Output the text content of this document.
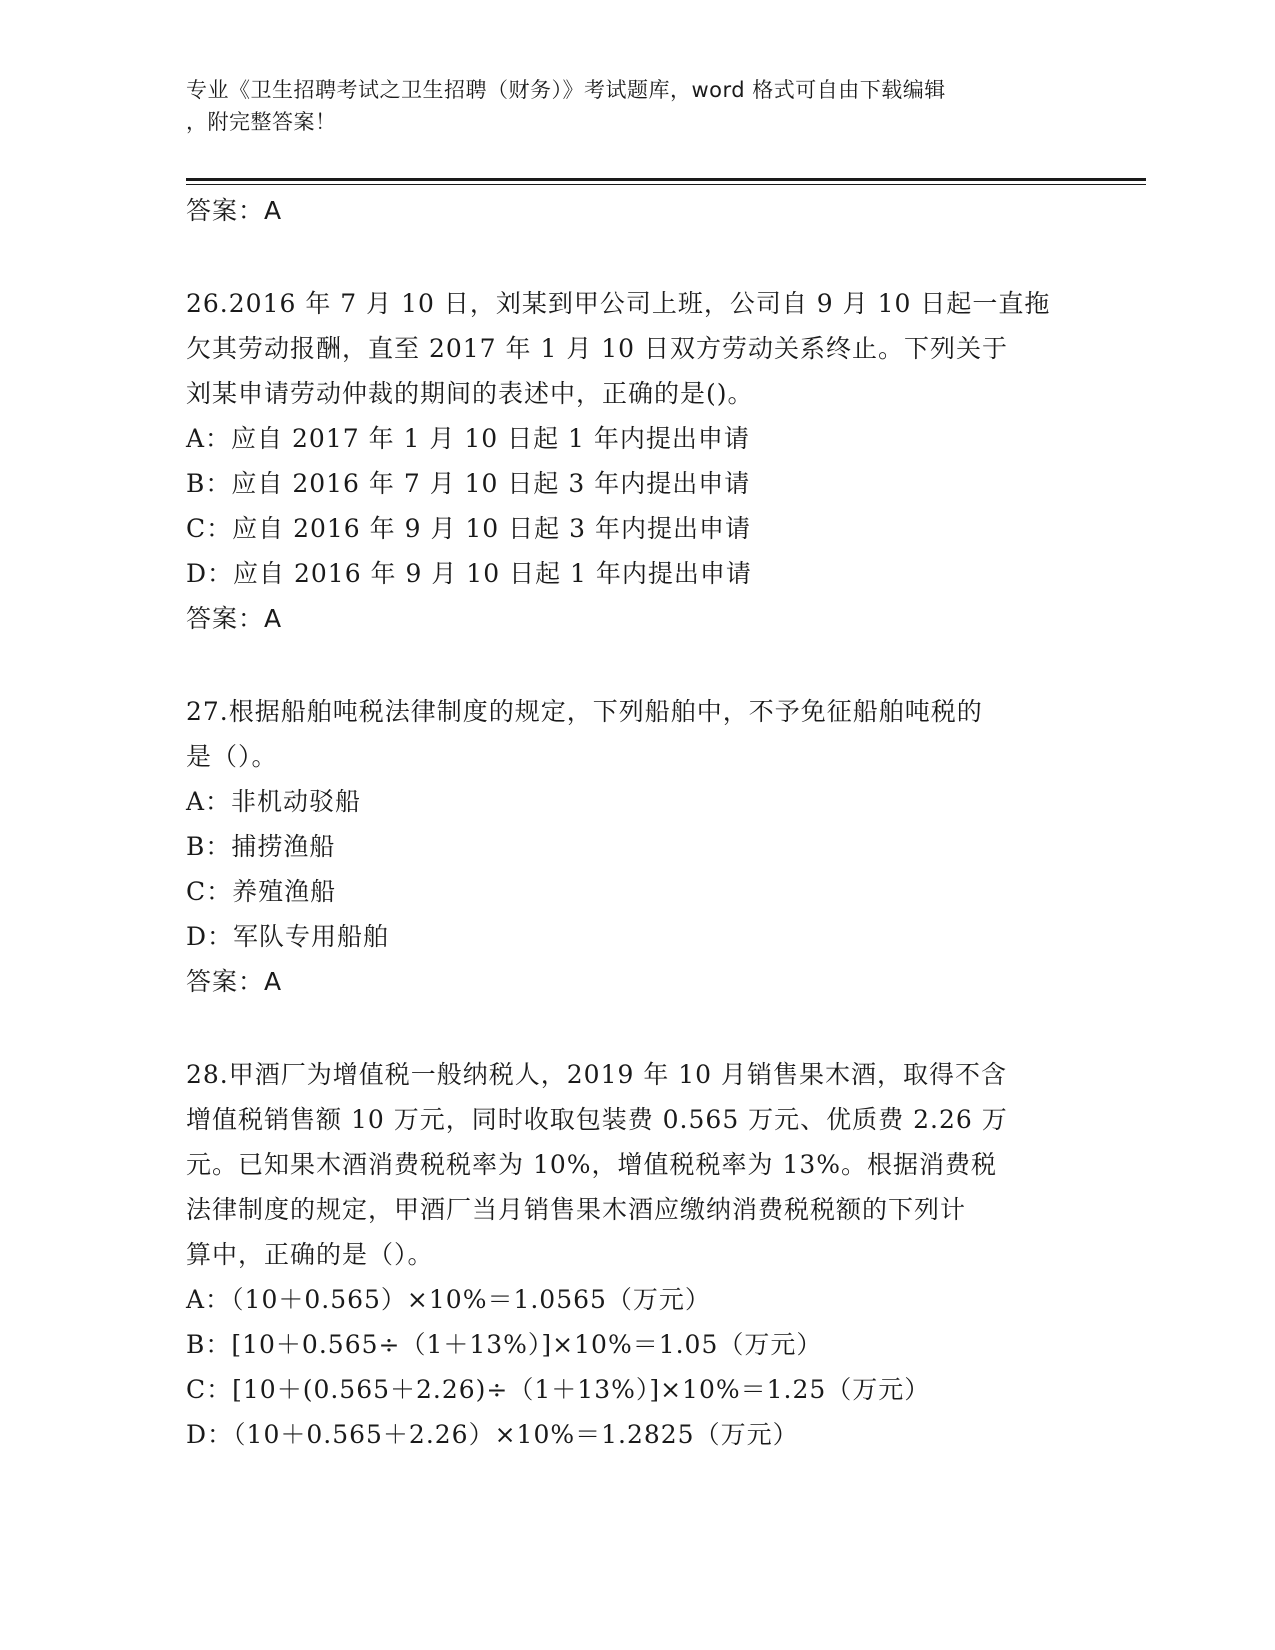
专业《卫生招聘考试之卫生招聘（财务）》考试题库，word 格式可自由下载编辑
，附完整答案！
答案：A
26.2016 年 7 月 10 日，刘某到甲公司上班，公司自 9 月 10 日起一直拖
欠其劳动报酬，直至 2017 年 1 月 10 日双方劳动关系终止。下列关于
刘某申请劳动仲裁的期间的表述中，正确的是()。
A：应自 2017 年 1 月 10 日起 1 年内提出申请
B：应自 2016 年 7 月 10 日起 3 年内提出申请
C：应自 2016 年 9 月 10 日起 3 年内提出申请
D：应自 2016 年 9 月 10 日起 1 年内提出申请
答案：A
27.根据船舶吨税法律制度的规定，下列船舶中，不予免征船舶吨税的
是（）。
A：非机动驳船
B：捕捞渔船
C：养殖渔船
D：军队专用船舶
答案：A
28.甲酒厂为增值税一般纳税人，2019 年 10 月销售果木酒，取得不含
增值税销售额 10 万元，同时收取包装费 0.565 万元、优质费 2.26 万
元。已知果木酒消费税税率为 10%，增值税税率为 13%。根据消费税
法律制度的规定，甲酒厂当月销售果木酒应缴纳消费税税额的下列计
算中，正确的是（）。
A：（10＋0.565）×10%＝1.0565（万元）
B：[10＋0.565÷（1＋13%）]×10%＝1.05（万元）
C：[10＋(0.565＋2.26)÷（1＋13%）]×10%＝1.25（万元）
D：（10＋0.565＋2.26）×10%＝1.2825（万元）
